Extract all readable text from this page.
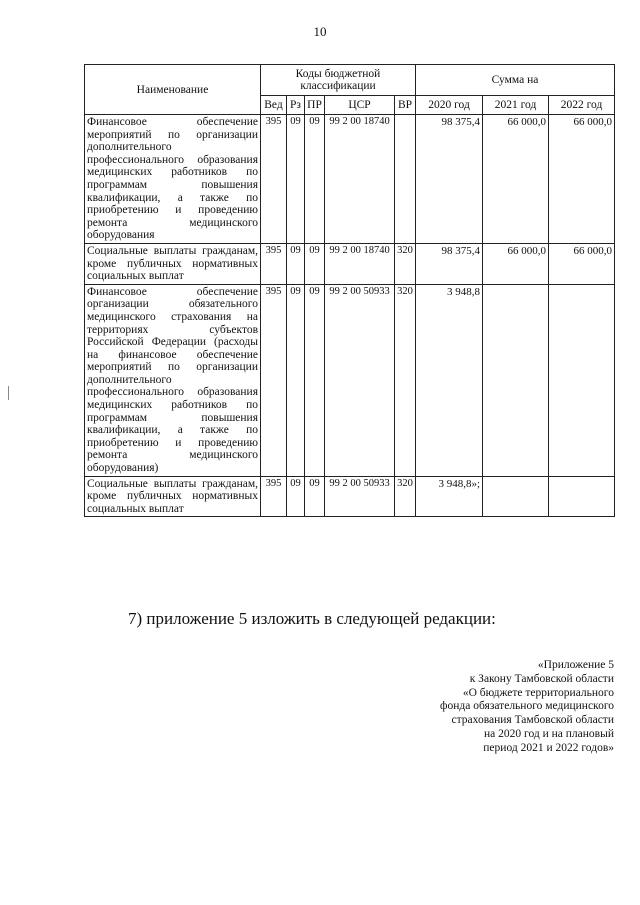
10
Наименование	Коды бюджетной классификации					Сумма на		
	Вед	Рз	ПР	ЦСР	ВР	2020 год	2021 год	2022 год
Финансовое обеспечение мероприятий по организации дополнительного профессионального образования медицинских работников по программам повышения квалификации, а также по приобретению и проведению ремонта медицинского оборудования	395	09	09	99 2 00 18740		98 375,4	66 000,0	66 000,0
Социальные выплаты гражданам, кроме публичных нормативных социальных выплат	395	09	09	99 2 00 18740	320	98 375,4	66 000,0	66 000,0
Финансовое обеспечение организации обязательного медицинского страхования на территориях субъектов Российской Федерации (расходы на финансовое обеспечение мероприятий по организации дополнительного профессионального образования медицинских работников по программам повышения квалификации, а также по приобретению и проведению ремонта медицинского оборудования)	395	09	09	99 2 00 50933	320	3 948,8		
Социальные выплаты гражданам, кроме публичных нормативных социальных выплат	395	09	09	99 2 00 50933	320	3 948,8»;		
7) приложение 5 изложить в следующей редакции:
«Приложение 5
к Закону Тамбовской области
«О бюджете территориального
фонда обязательного медицинского
страхования Тамбовской области
на 2020 год и на плановый
период 2021 и 2022 годов»
